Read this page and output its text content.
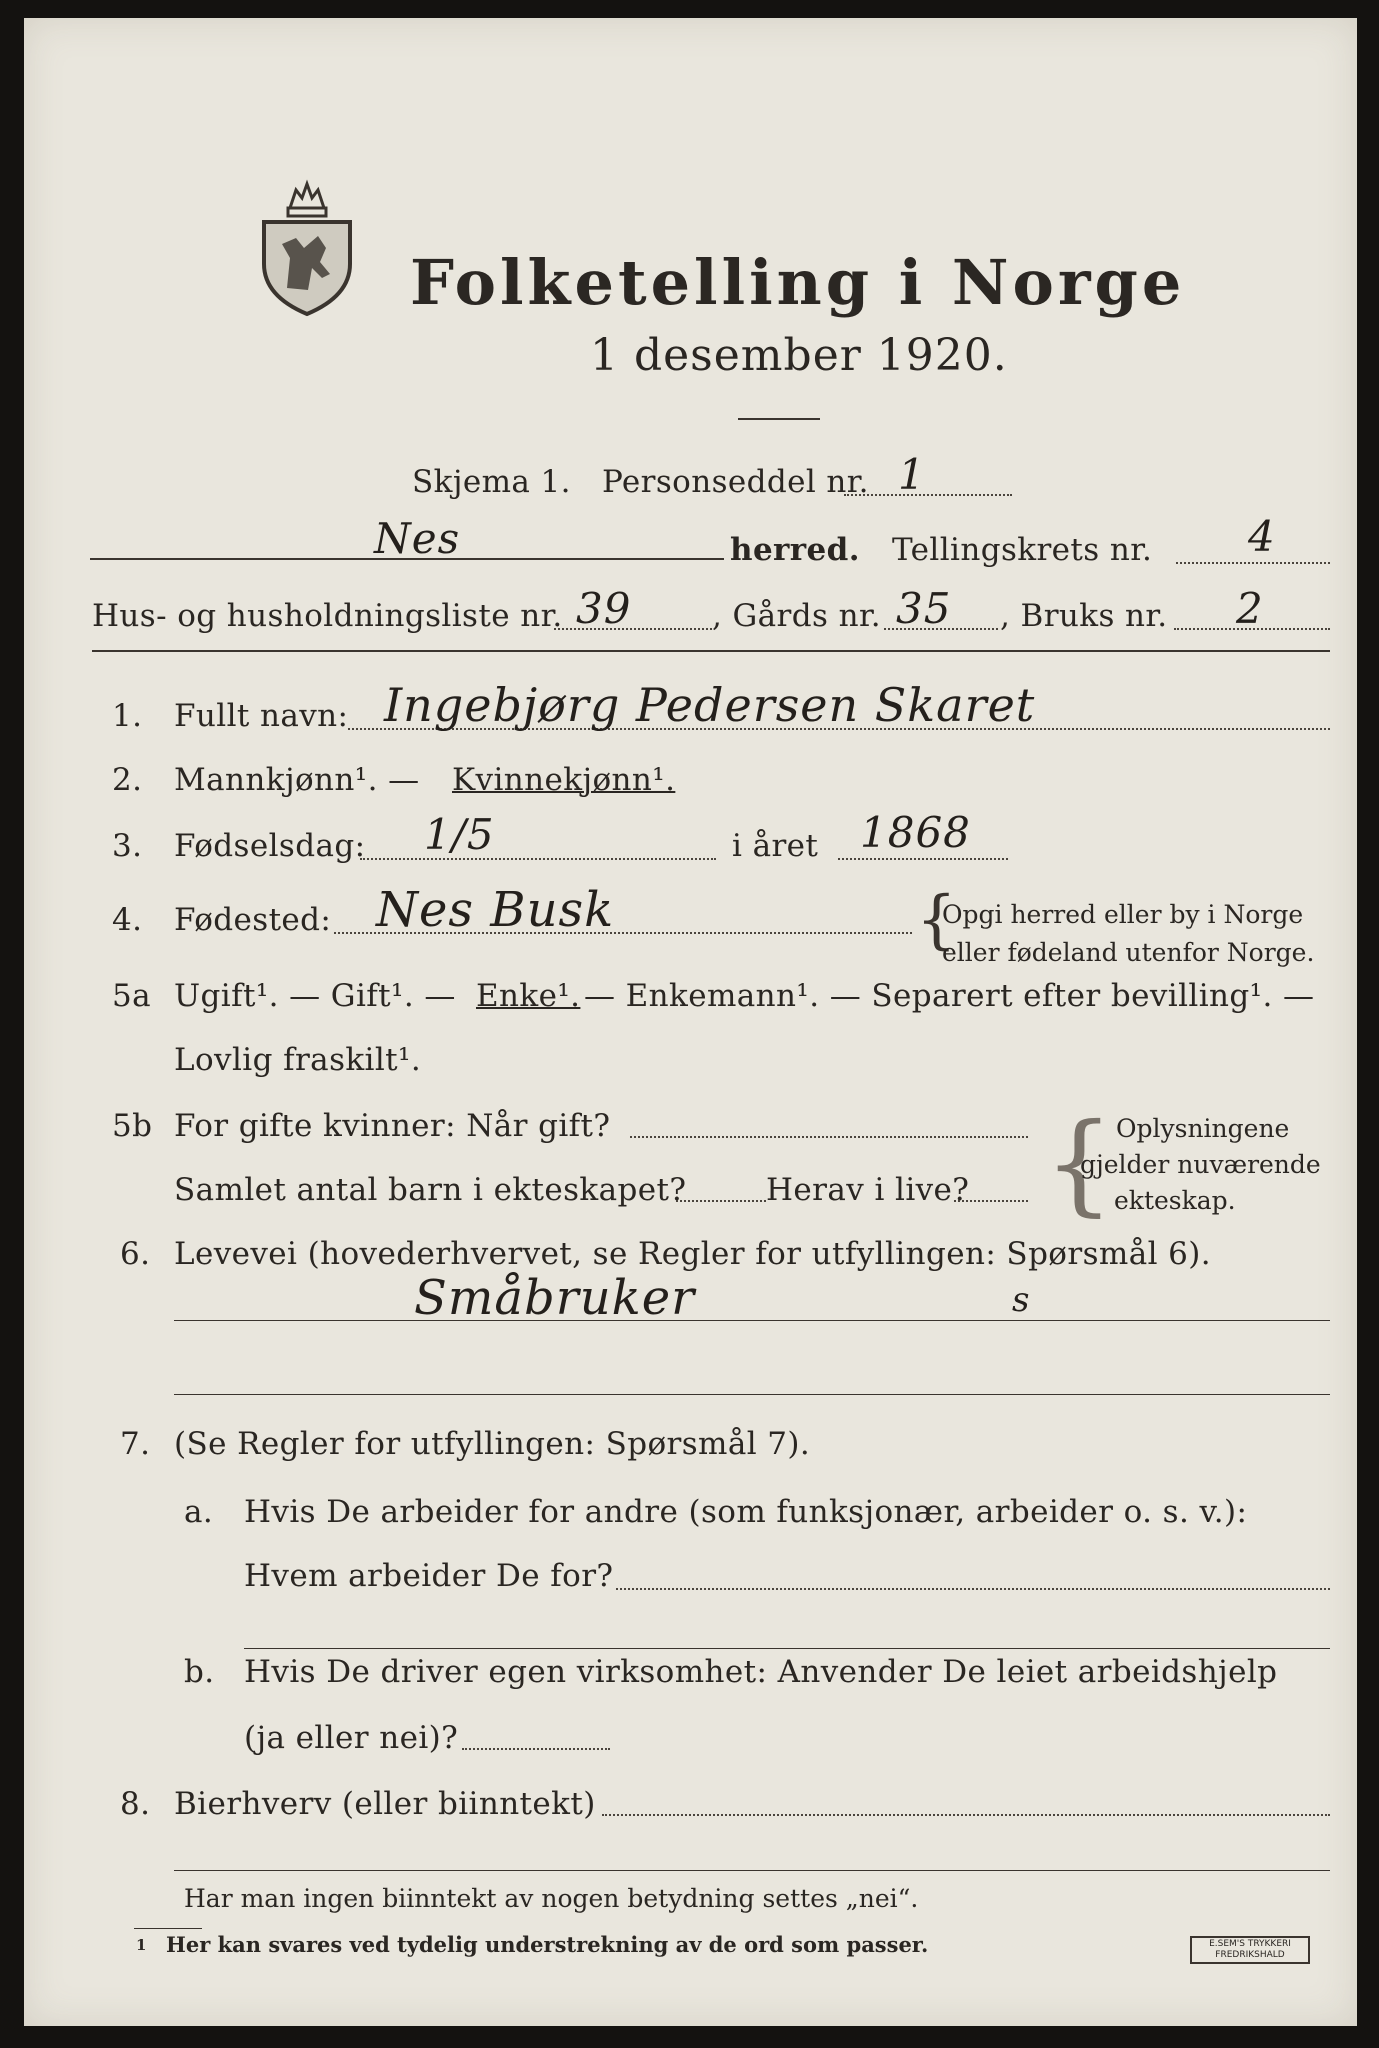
Folketelling i Norge
1 desember 1920.
Skjema 1. Personseddel nr. 1
Nes	herred. Tellingskrets nr. 4
Hus- og husholdningsliste nr. 39	, Gårds nr. 35 , Bruks nr. 2
1. Fullt navn: Ingebjørg Pedersen Skaret
2. Mannkjønn¹. — Kvinnekjønn¹.
3. Fødselsdag: 1/5	i året 1868
4. Fødested: Nes Busk	{
Opgi herred eller by i Norge
eller fødeland utenfor Norge.
5a Ugift¹. — Gift¹. — Enke¹. — Enkemann¹. — Separert efter bevilling¹. —
Lovlig fraskilt¹.
5b For gifte kvinner: Når gift?
Samlet antal barn i ekteskapet?	Herav i live? { Oplysningene
gjelder nuværende
ekteskap.
6. Levevei (hovederhvervet, se Regler for utfyllingen: Spørsmål 6).
Småbruker	s
7. (Se Regler for utfyllingen: Spørsmål 7).
a. Hvis De arbeider for andre (som funksjonær, arbeider o. s. v.):
Hvem arbeider De for?
b. Hvis De driver egen virksomhet: Anvender De leiet arbeidshjelp
(ja eller nei)?
8. Bierhverv (eller biinntekt)
Har man ingen biinntekt av nogen betydning settes „nei“.
1 Her kan svares ved tydelig understrekning av de ord som passer.	E.SEM'S TRYKKERI
FREDRIKSHALD
